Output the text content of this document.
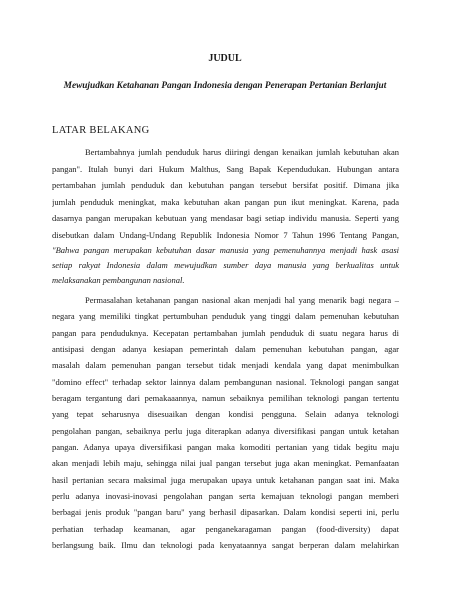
JUDUL
Mewujudkan Ketahanan Pangan Indonesia dengan Penerapan Pertanian Berlanjut
LATAR BELAKANG
Bertambahnya jumlah penduduk harus diiringi dengan kenaikan jumlah kebutuhan akan
pangan". Itulah bunyi dari Hukum Malthus, Sang Bapak Kependudukan. Hubungan antara
pertambahan jumlah penduduk dan kebutuhan pangan tersebut bersifat positif. Dimana jika
jumlah penduduk meningkat, maka kebutuhan akan pangan pun ikut meningkat. Karena, pada
dasarnya pangan merupakan kebutuan yang mendasar bagi setiap individu manusia. Seperti yang
disebutkan dalam Undang-Undang Republik Indonesia Nomor 7 Tahun 1996 Tentang Pangan,
"Bahwa pangan merupakan kebutuhan dasar manusia yang pemenuhannya menjadi hask asasi
setiap rakyat Indonesia dalam mewujudkan sumber daya manusia yang berkualitas untuk
melaksanakan pembangunan nasional.
Permasalahan ketahanan pangan nasional akan menjadi hal yang menarik bagi negara –
negara yang memiliki tingkat pertumbuhan penduduk yang tinggi dalam pemenuhan kebutuhan
pangan para penduduknya. Kecepatan pertambahan jumlah penduduk di suatu negara harus di
antisipasi dengan adanya kesiapan pemerintah dalam pemenuhan kebutuhan pangan, agar
masalah dalam pemenuhan pangan tersebut tidak menjadi kendala yang dapat menimbulkan
"domino effect" terhadap sektor lainnya dalam pembangunan nasional. Teknologi pangan sangat
beragam tergantung dari pemakaaannya, namun sebaiknya pemilihan teknologi pangan tertentu
yang tepat seharusnya disesuaikan dengan kondisi pengguna. Selain adanya teknologi
pengolahan pangan, sebaiknya perlu juga diterapkan adanya diversifikasi pangan untuk ketahan
pangan. Adanya upaya diversifikasi pangan maka komoditi pertanian yang tidak begitu maju
akan menjadi lebih maju, sehingga nilai jual pangan tersebut juga akan meningkat. Pemanfaatan
hasil pertanian secara maksimal juga merupakan upaya untuk ketahanan pangan saat ini. Maka
perlu adanya inovasi-inovasi pengolahan pangan serta kemajuan teknologi pangan memberi
berbagai jenis produk "pangan baru" yang berhasil dipasarkan. Dalam kondisi seperti ini, perlu
perhatian terhadap keamanan, agar penganekaragaman pangan (food-diversity) dapat
berlangsung baik. Ilmu dan teknologi pada kenyataannya sangat berperan dalam melahirkan
